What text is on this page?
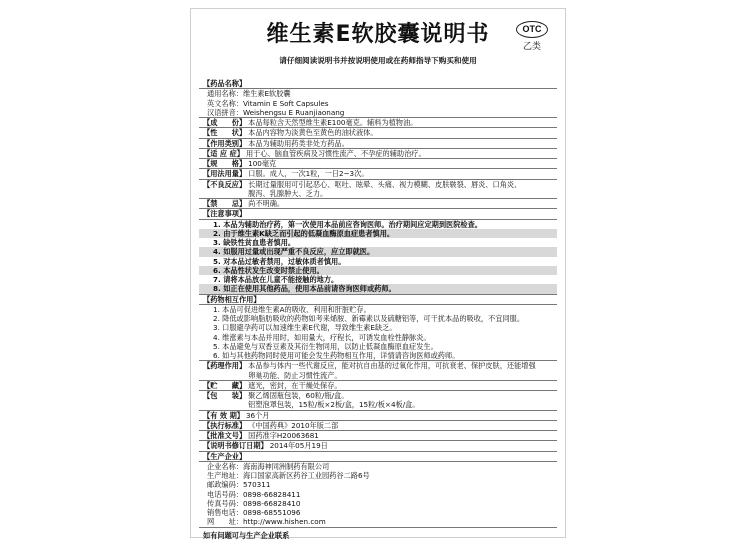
维生素E软胶囊说明书	OTC
乙类
请仔细阅读说明书并按说明使用或在药师指导下购买和使用
【药品名称】
通用名称： 维生素E软胶囊
英文名称： Vitamin E Soft Capsules
汉语拼音： Weishengsu E Ruanjiaonang
【成　　份】 本品每粒含天然型维生素E100毫克。辅料为植物油。
【性　　状】 本品内容物为淡黄色至黄色的油状液体。
【作用类别】 本品为辅助用药类非处方药品。
【适 应 症】 用于心、脑血管疾病及习惯性流产、不孕症的辅助治疗。
【规　　格】 100毫克
【用法用量】 口服。成人，一次1粒，一日2~3次。
【不良反应】 长期过量服用可引起恶心、呕吐、眩晕、头痛、视力模糊、皮肤皲裂、唇炎、口角炎、
腹泻、乳腺肿大、乏力。
【禁　　忌】 尚不明确。
【注意事项】
1. 本品为辅助治疗药，第一次使用本品前应咨询医师。治疗期间应定期到医院检查。
2. 由于维生素K缺乏而引起的低凝血酶原血症患者慎用。
3. 缺铁性贫血患者慎用。
4. 如服用过量或出现严重不良反应，应立即就医。
5. 对本品过敏者禁用，过敏体质者慎用。
6. 本品性状发生改变时禁止使用。
7. 请将本品放在儿童不能接触的地方。
8. 如正在使用其他药品，使用本品前请咨询医师或药师。
【药物相互作用】
1. 本品可促进维生素A的吸收、利用和肝脏贮存。
2. 降低或影响脂肪吸收的药物如考来烯胺、新霉素以及硫糖铝等，可干扰本品的吸收，不宜同服。
3. 口服避孕药可以加速维生素E代谢，导致维生素E缺乏。
4. 维涨素与本品并用时，如用量大，疗程长，可诱发血栓性静脉炎。
5. 本品避免与双香豆素及其衍生物同用，以防止低凝血酶原血症发生。
6. 如与其他药物同时使用可能会发生药物相互作用，详情请咨询医师或药师。
【药理作用】 本品参与体内一些代谢反应，能对抗自由基的过氧化作用，可抗衰老、保护皮肤，还能增强
卵巢功能、防止习惯性流产。
【贮　　藏】 遮光，密封，在干燥处保存。
【包　　装】 聚乙烯固瓶包装，60粒/瓶/盒。
铝塑泡罩包装，15粒/板×2板/盒，15粒/板×4板/盒。
【有 效 期】 36个月
【执行标准】 《中国药典》2010年版二部
【批准文号】 国药准字H20063681
【说明书修订日期】 2014年05月19日
【生产企业】
企业名称： 海南海神同洲制药有限公司
生产地址： 海口国家高新区药谷工业园药谷二路6号
邮政编码： 570311
电话号码： 0898-66828411
传真号码： 0898-66828410
销售电话： 0898-68551096
网　　址： http://www.hishen.com
如有问题可与生产企业联系
